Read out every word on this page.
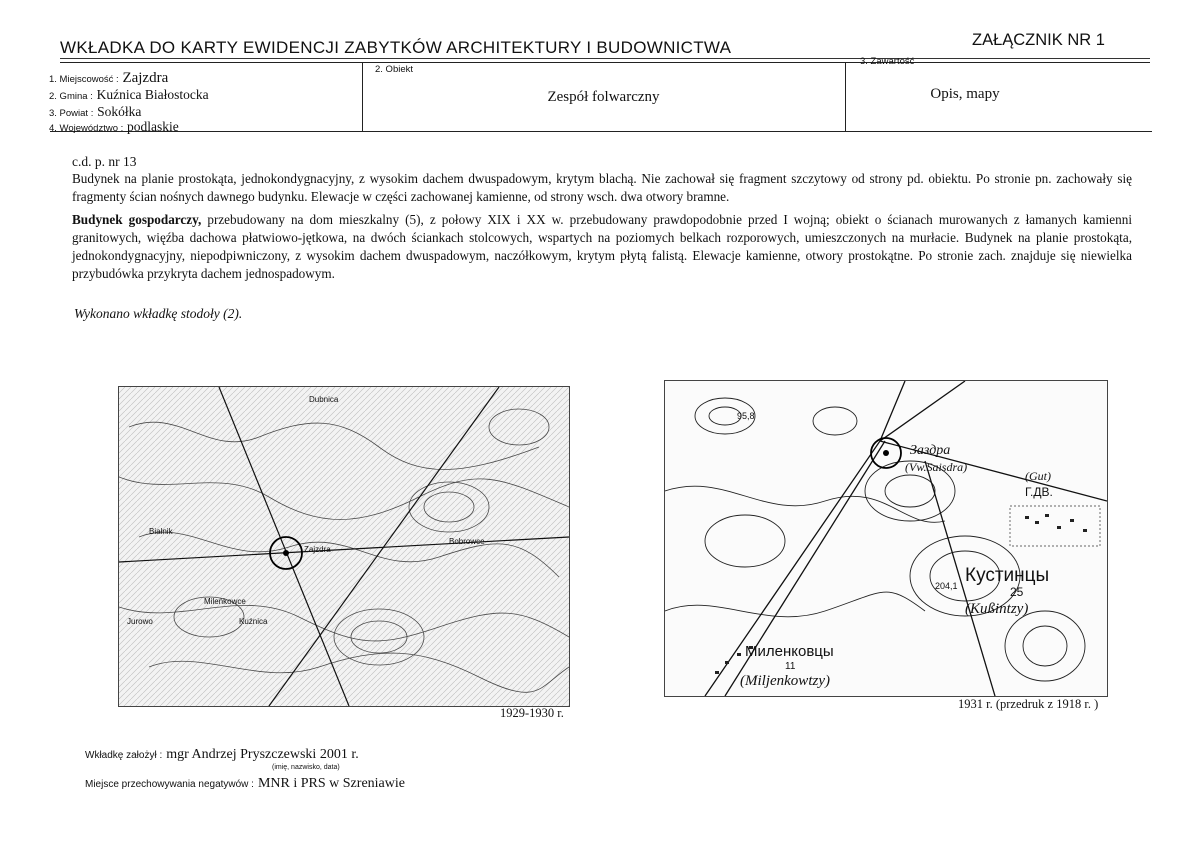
WKŁADKA DO KARTY EWIDENCJI ZABYTKÓW ARCHITEKTURY I BUDOWNICTWA	ZAŁĄCZNIK NR 1
1. Miejscowość : Zajzdra
2. Gmina : Kuźnica Białostocka
3. Powiat : Sokółka
4. Województwo : podlaskie
2. Obiekt
Zespół folwarczny
3. Zawartość
Opis, mapy
c.d. p. nr 13
Budynek na planie prostokąta, jednokondygnacyjny, z wysokim dachem dwuspadowym, krytym blachą. Nie zachował się fragment szczytowy od strony pd. obiektu. Po stronie pn. zachowały się fragmenty ścian nośnych dawnego budynku. Elewacje w części zachowanej kamienne, od strony wsch. dwa otwory bramne.
Budynek gospodarczy, przebudowany na dom mieszkalny (5), z połowy XIX i XX w. przebudowany prawdopodobnie przed I wojną; obiekt o ścianach murowanych z łamanych kamienni granitowych, więźba dachowa płatwiowo-jętkowa, na dwóch ściankach stolcowych, wspartych na poziomych belkach rozporowych, umieszczonych na murłacie. Budynek na planie prostokąta, jednokondygnacyjny, niepodpiwniczony, z wysokim dachem dwuspadowym, naczółkowym, krytym płytą falistą. Elewacje kamienne, otwory prostokątne. Po stronie zach. znajduje się niewielka przybudówka przykryta dachem jednospadowym.
Wykonano wkładkę stodoły (2).
Dubnica
Białnik
Zajzdra
Mileńkowce
Kuźnica
Jurowo
Bobrowce
1929-1930 r.
Заздра
(Vw.Saisdra)
(Gut)
Г.ДВ.
Кустинцы
25
(Kußintzy)
Миленковцы
11
(Miljenkowtzy)
204,1
95,8
1931 r. (przedruk z 1918 r. )
Wkładkę założył : mgr Andrzej Pryszczewski 2001 r.
(imię, nazwisko, data)
Miejsce przechowywania negatywów : MNR i PRS w Szreniawie
